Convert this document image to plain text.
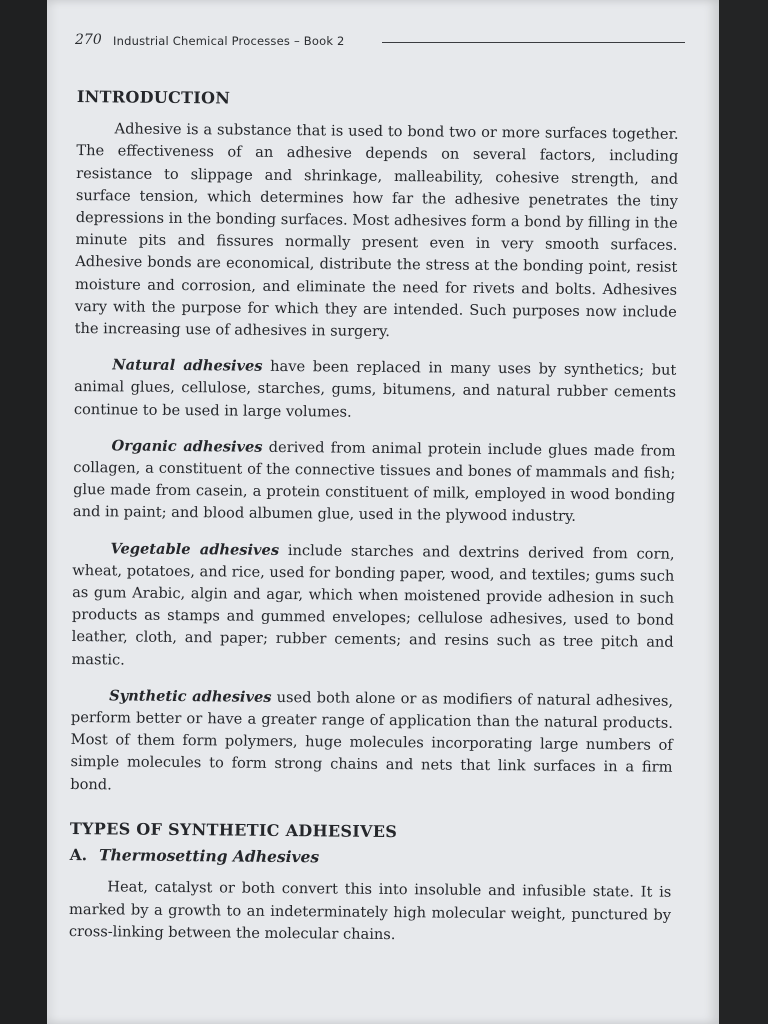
270 Industrial Chemical Processes – Book 2
INTRODUCTION

Adhesive is a substance that is used to bond two or more surfaces together. The effectiveness of an adhesive depends on several factors, including resistance to slippage and shrinkage, malleability, cohesive strength, and surface tension, which determines how far the adhesive penetrates the tiny depressions in the bonding surfaces. Most adhesives form a bond by filling in the minute pits and fissures normally present even in very smooth surfaces. Adhesive bonds are economical, distribute the stress at the bonding point, resist moisture and corrosion, and eliminate the need for rivets and bolts. Adhesives vary with the purpose for which they are intended. Such purposes now include the increasing use of adhesives in surgery.

Natural adhesives have been replaced in many uses by synthetics; but animal glues, cellulose, starches, gums, bitumens, and natural rubber cements continue to be used in large volumes.

Organic adhesives derived from animal protein include glues made from collagen, a constituent of the connective tissues and bones of mammals and fish; glue made from casein, a protein constituent of milk, employed in wood bonding and in paint; and blood albumen glue, used in the plywood industry.

Vegetable adhesives include starches and dextrins derived from corn, wheat, potatoes, and rice, used for bonding paper, wood, and textiles; gums such as gum Arabic, algin and agar, which when moistened provide adhesion in such products as stamps and gummed envelopes; cellulose adhesives, used to bond leather, cloth, and paper; rubber cements; and resins such as tree pitch and mastic.

Synthetic adhesives used both alone or as modifiers of natural adhesives, perform better or have a greater range of application than the natural products. Most of them form polymers, huge molecules incorporating large numbers of simple molecules to form strong chains and nets that link surfaces in a firm bond.

TYPES OF SYNTHETIC ADHESIVES
A. Thermosetting Adhesives

Heat, catalyst or both convert this into insoluble and infusible state. It is marked by a growth to an indeterminately high molecular weight, punctured by cross-linking between the molecular chains.
